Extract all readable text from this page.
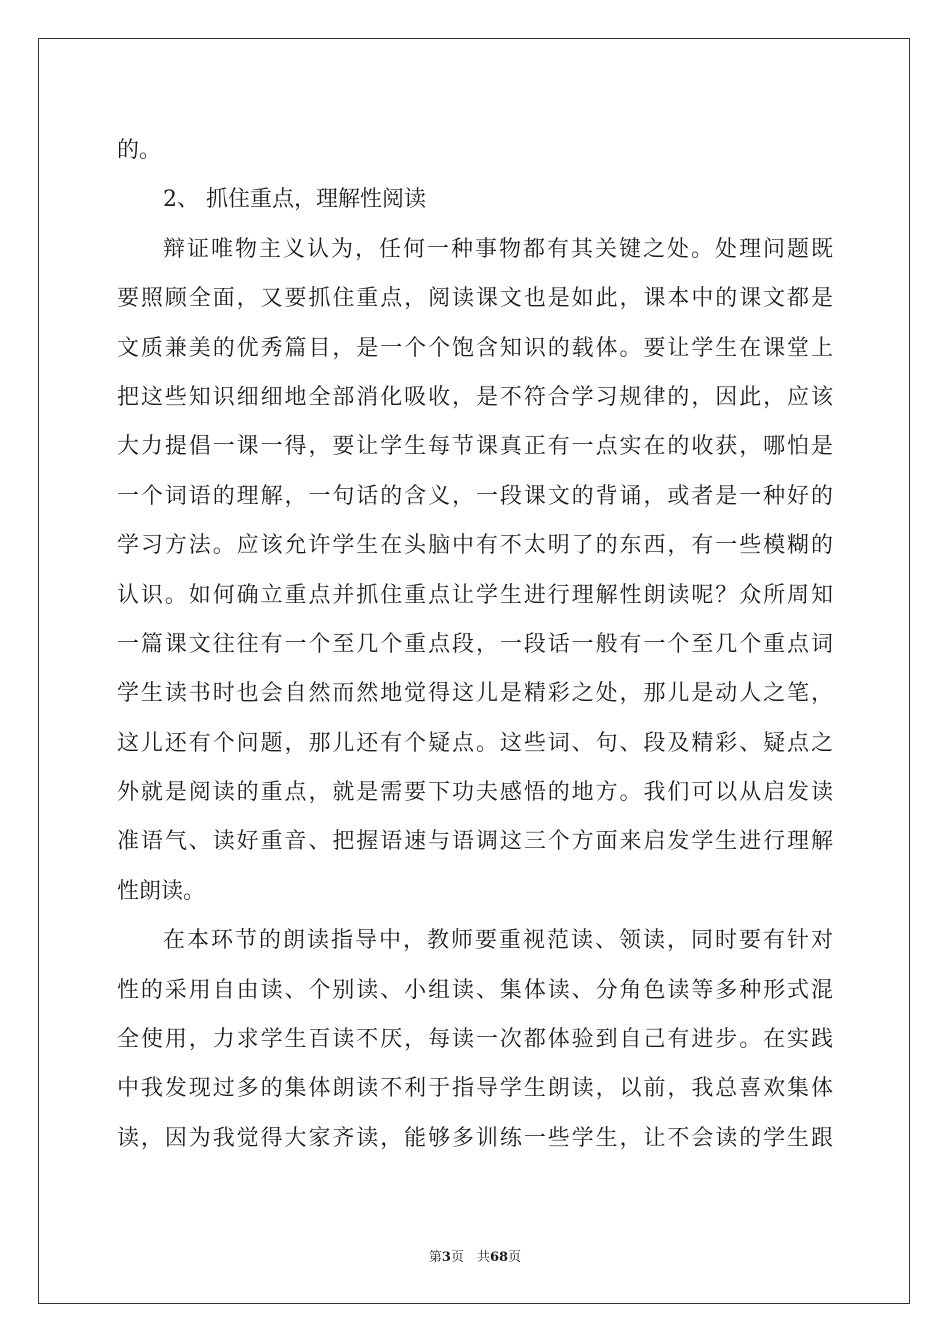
的。
2、 抓住重点，理解性阅读
辩证唯物主义认为，任何一种事物都有其关键之处。处理问题既
要照顾全面，又要抓住重点，阅读课文也是如此，课本中的课文都是
文质兼美的优秀篇目，是一个个饱含知识的载体。要让学生在课堂上
把这些知识细细地全部消化吸收，是不符合学习规律的，因此，应该
大力提倡一课一得，要让学生每节课真正有一点实在的收获，哪怕是
一个词语的理解，一句话的含义，一段课文的背诵，或者是一种好的
学习方法。应该允许学生在头脑中有不太明了的东西，有一些模糊的
认识。如何确立重点并抓住重点让学生进行理解性朗读呢？众所周知
一篇课文往往有一个至几个重点段，一段话一般有一个至几个重点词
学生读书时也会自然而然地觉得这儿是精彩之处，那儿是动人之笔，
这儿还有个问题，那儿还有个疑点。这些词、句、段及精彩、疑点之
外就是阅读的重点，就是需要下功夫感悟的地方。我们可以从启发读
准语气、读好重音、把握语速与语调这三个方面来启发学生进行理解
性朗读。
在本环节的朗读指导中，教师要重视范读、领读，同时要有针对
性的采用自由读、个别读、小组读、集体读、分角色读等多种形式混
全使用，力求学生百读不厌，每读一次都体验到自己有进步。在实践
中我发现过多的集体朗读不利于指导学生朗读，以前，我总喜欢集体
读，因为我觉得大家齐读，能够多训练一些学生，让不会读的学生跟
第3页　共68页
